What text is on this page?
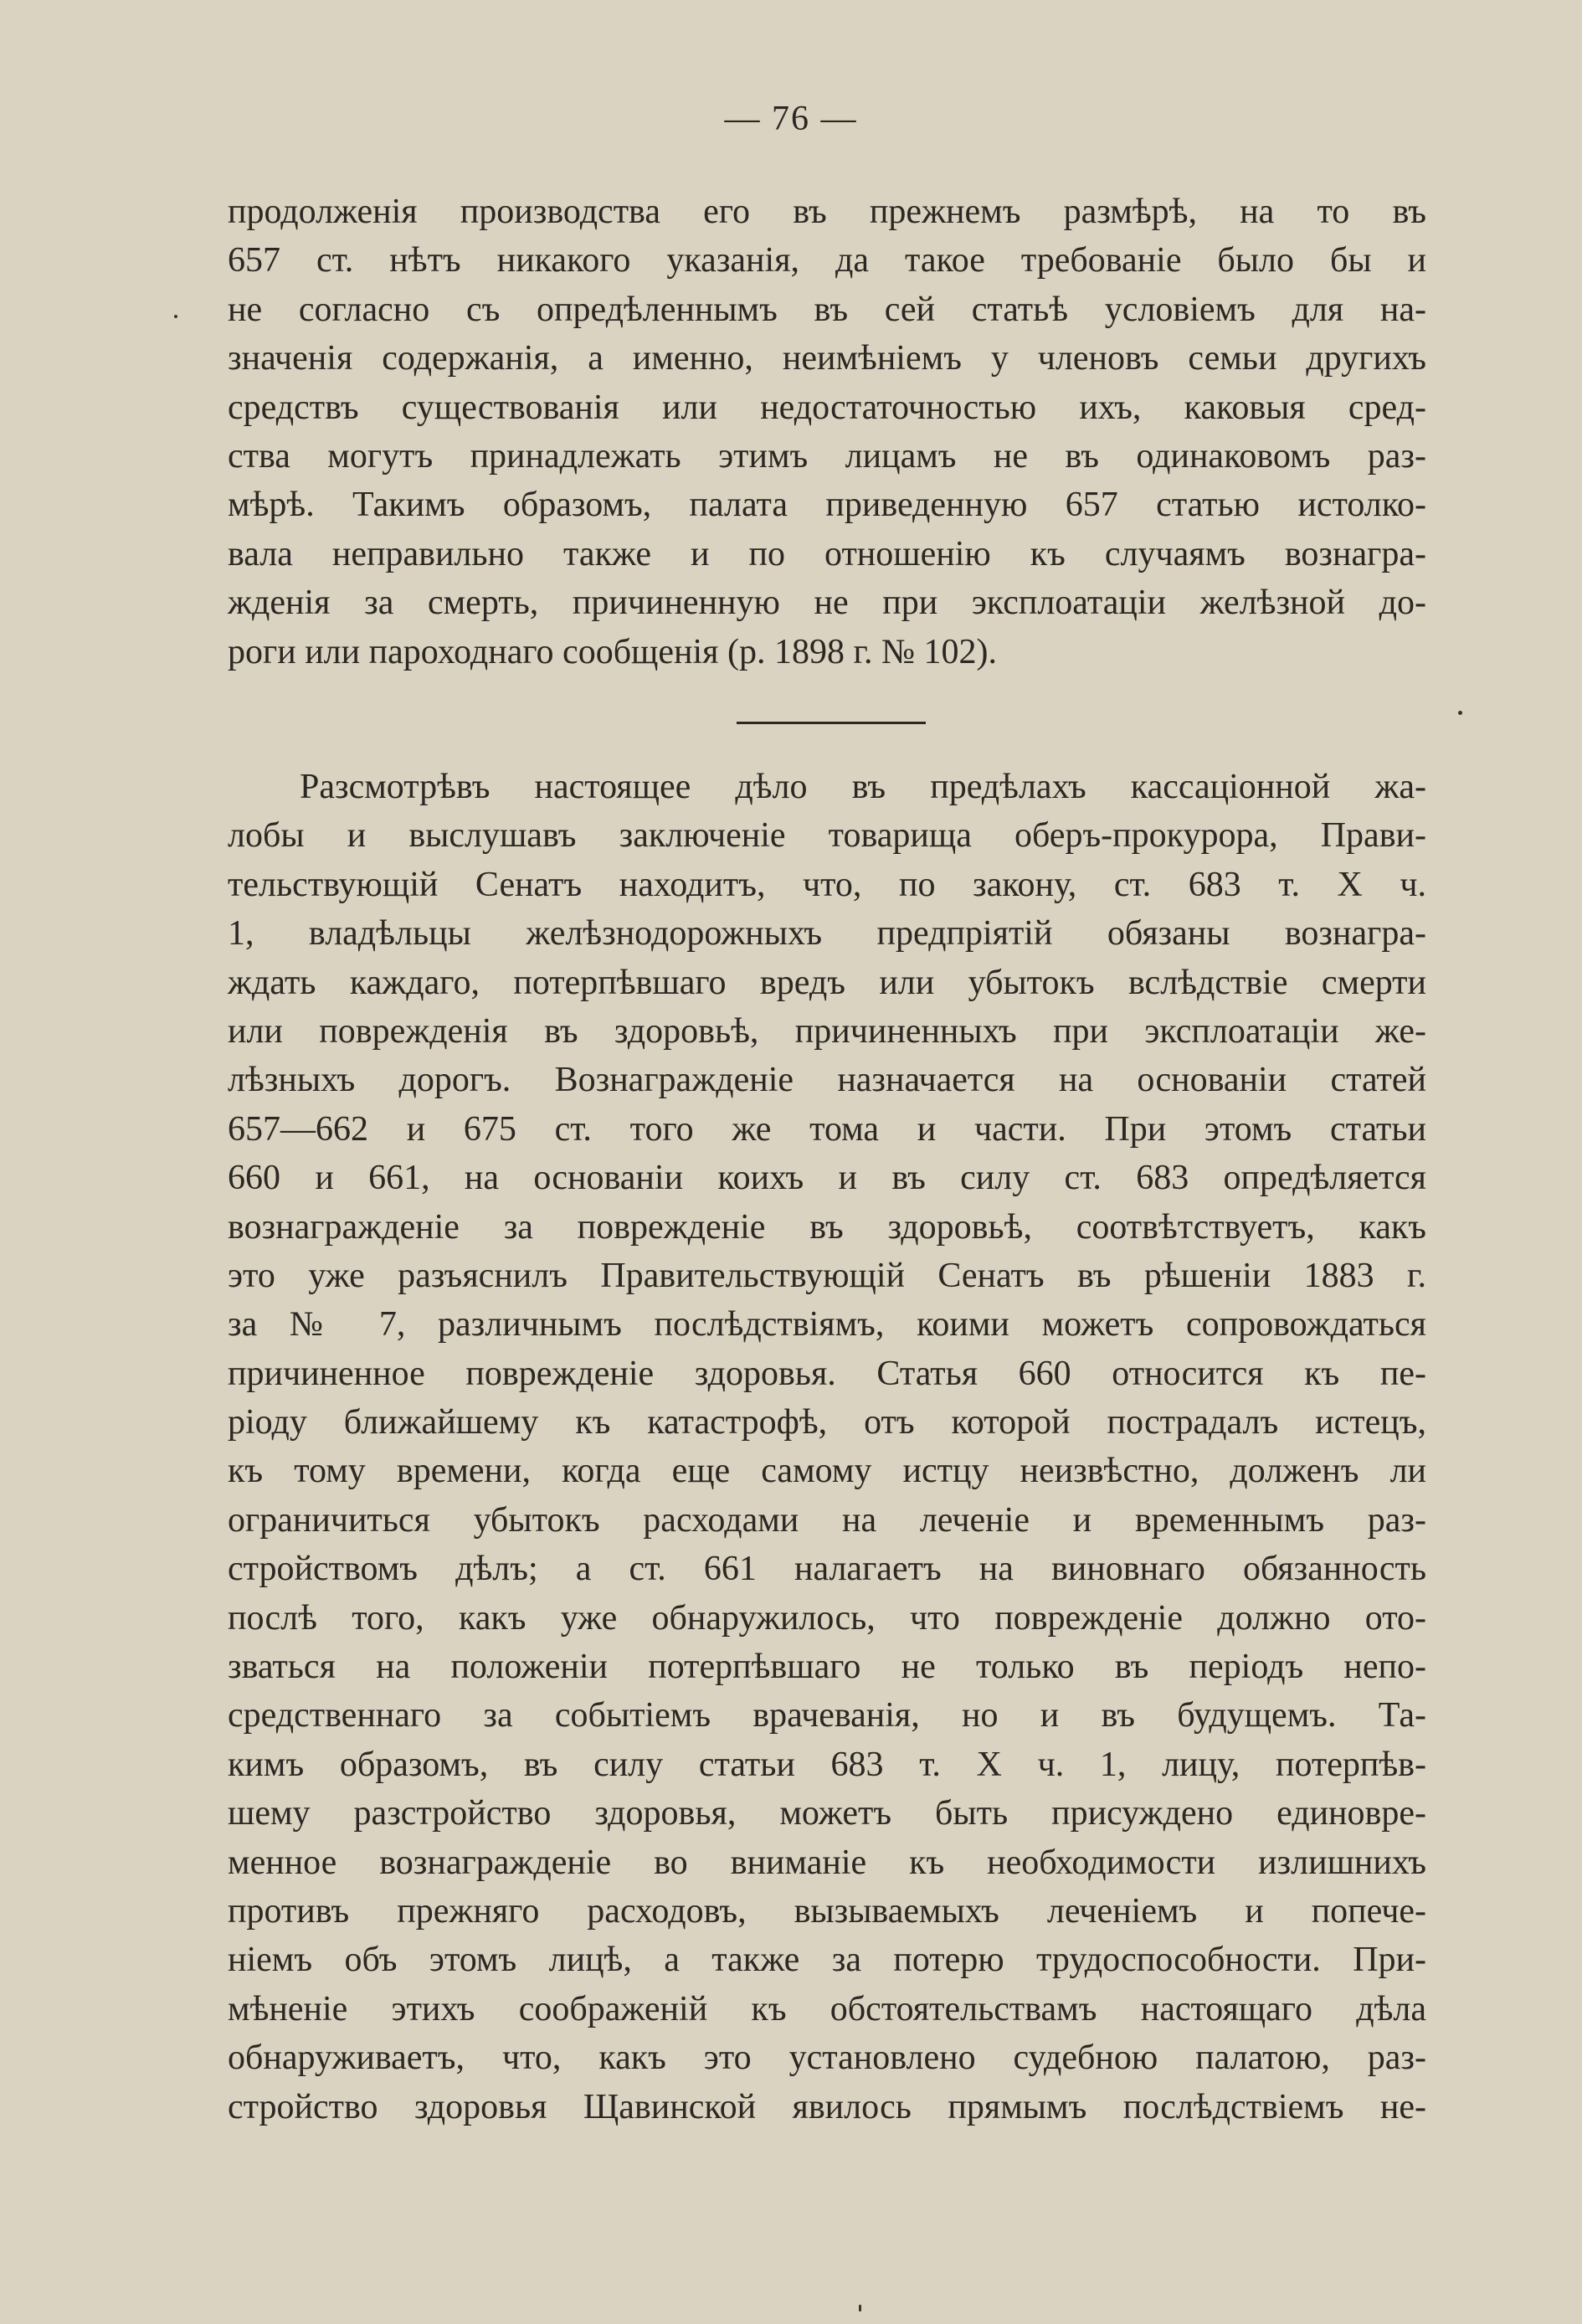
— 76 —
продолженія производства его въ прежнемъ размѣрѣ, на то въ
657 ст. нѣтъ никакого указанія, да такое требованіе было бы и
не согласно съ опредѣленнымъ въ сей статьѣ условіемъ для на-
значенія содержанія, а именно, неимѣніемъ у членовъ семьи другихъ
средствъ существованія или недостаточностью ихъ, каковыя сред-
ства могутъ принадлежать этимъ лицамъ не въ одинаковомъ раз-
мѣрѣ. Такимъ образомъ, палата приведенную 657 статью истолко-
вала неправильно также и по отношенію къ случаямъ вознагра-
жденія за смерть, причиненную не при эксплоатаціи желѣзной до-
роги или пароходнаго сообщенія (р. 1898 г. № 102).
Разсмотрѣвъ настоящее дѣло въ предѣлахъ кассаціонной жа-
лобы и выслушавъ заключеніе товарища оберъ-прокурора, Прави-
тельствующій Сенатъ находитъ, что, по закону, ст. 683 т. X ч.
1, владѣльцы желѣзнодорожныхъ предпріятій обязаны вознагра-
ждать каждаго, потерпѣвшаго вредъ или убытокъ вслѣдствіе смерти
или поврежденія въ здоровьѣ, причиненныхъ при эксплоатаціи же-
лѣзныхъ дорогъ. Вознагражденіе назначается на основаніи статей
657—662 и 675 ст. того же тома и части. При этомъ статьи
660 и 661, на основаніи коихъ и въ силу ст. 683 опредѣляется
вознагражденіе за поврежденіе въ здоровьѣ, соотвѣтствуетъ, какъ
это уже разъяснилъ Правительствующій Сенатъ въ рѣшеніи 1883 г.
за № 7, различнымъ послѣдствіямъ, коими можетъ сопровождаться
причиненное поврежденіе здоровья. Статья 660 относится къ пе-
ріоду ближайшему къ катастрофѣ, отъ которой пострадалъ истецъ,
къ тому времени, когда еще самому истцу неизвѣстно, долженъ ли
ограничиться убытокъ расходами на леченіе и временнымъ раз-
стройствомъ дѣлъ; а ст. 661 налагаетъ на виновнаго обязанность
послѣ того, какъ уже обнаружилось, что поврежденіе должно ото-
зваться на положеніи потерпѣвшаго не только въ періодъ непо-
средственнаго за событіемъ врачеванія, но и въ будущемъ. Та-
кимъ образомъ, въ силу статьи 683 т. X ч. 1, лицу, потерпѣв-
шему разстройство здоровья, можетъ быть присуждено единовре-
менное вознагражденіе во вниманіе къ необходимости излишнихъ
противъ прежняго расходовъ, вызываемыхъ леченіемъ и попече-
ніемъ объ этомъ лицѣ, а также за потерю трудоспособности. При-
мѣненіе этихъ соображеній къ обстоятельствамъ настоящаго дѣла
обнаруживаетъ, что, какъ это установлено судебною палатою, раз-
стройство здоровья Щавинской явилось прямымъ послѣдствіемъ не-
